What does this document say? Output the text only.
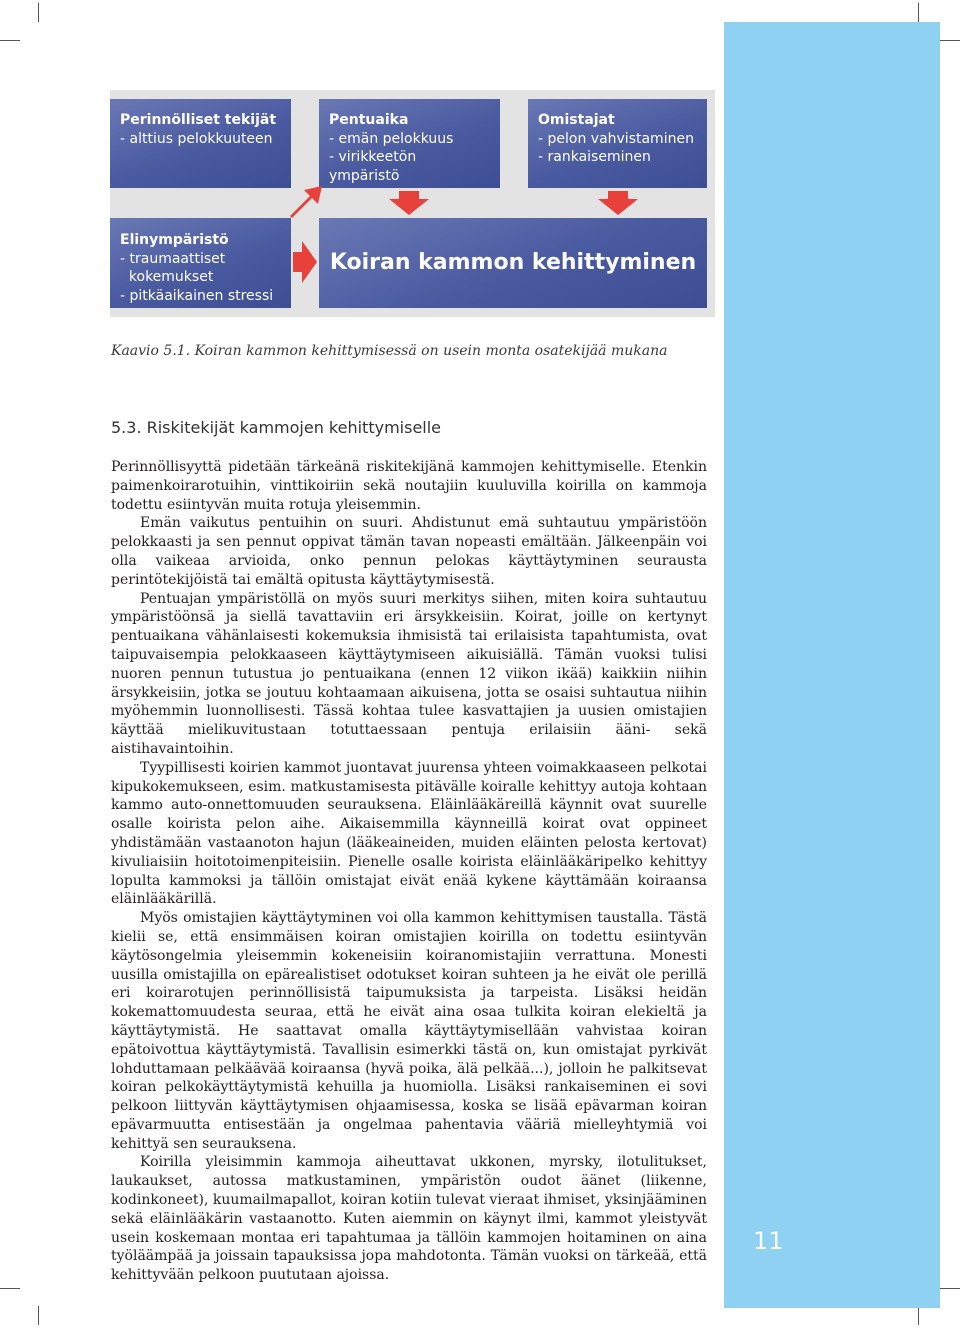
11
Perinnölliset tekijät
- alttius pelokkuuteen
Pentuaika
- emän pelokkuus
- virikkeetön ympäristö
Omistajat
- pelon vahvistaminen
- rankaiseminen
Elinympäristö
- traumaattiset
kokemukset
- pitkäaikainen stressi
Koiran kammon kehittyminen
Kaavio 5.1. Koiran kammon kehittymisessä on usein monta osatekijää mukana
5.3. Riskitekijät kammojen kehittymiselle

Perinnöllisyyttä pidetään tärkeänä riskitekijänä kammojen kehittymiselle. Etenkin paimenkoirarotuihin, vinttikoiriin sekä noutajiin kuuluvilla koirilla on kammoja todettu esiintyvän muita rotuja yleisemmin.

Emän vaikutus pentuihin on suuri. Ahdistunut emä suhtautuu ympäristöön pelokkaasti ja sen pennut oppivat tämän tavan nopeasti emältään. Jälkeenpäin voi olla vaikeaa arvioida, onko pennun pelokas käyttäytyminen seurausta perintötekijöistä tai emältä opitusta käyttäytymisestä.

Pentuajan ympäristöllä on myös suuri merkitys siihen, miten koira suhtautuu ympäristöönsä ja siellä tavattaviin eri ärsykkeisiin. Koirat, joille on kertynyt pentuaikana vähänlaisesti kokemuksia ihmisistä tai erilaisista tapahtumista, ovat taipuvaisempia pelokkaaseen käyttäytymiseen aikuisiällä. Tämän vuoksi tulisi nuoren pennun tutustua jo pentuaikana (ennen 12 viikon ikää) kaikkiin niihin ärsykkeisiin, jotka se joutuu kohtaamaan aikuisena, jotta se osaisi suhtautua niihin myöhemmin luonnollisesti. Tässä kohtaa tulee kasvattajien ja uusien omistajien käyttää mielikuvitustaan totuttaessaan pentuja erilaisiin ääni- sekä aistihavaintoihin.

Tyypillisesti koirien kammot juontavat juurensa yhteen voimakkaaseen pelkotai kipukokemukseen, esim. matkustamisesta pitävälle koiralle kehittyy autoja kohtaan kammo auto-onnettomuuden seurauksena. Eläinlääkäreillä käynnit ovat suurelle osalle koirista pelon aihe. Aikaisemmilla käynneillä koirat ovat oppineet yhdistämään vastaanoton hajun (lääkeaineiden, muiden eläinten pelosta kertovat) kivuliaisiin hoitotoimenpiteisiin. Pienelle osalle koirista eläinlääkäripelko kehittyy lopulta kammoksi ja tällöin omistajat eivät enää kykene käyttämään koiraansa eläinlääkärillä.

Myös omistajien käyttäytyminen voi olla kammon kehittymisen taustalla. Tästä kielii se, että ensimmäisen koiran omistajien koirilla on todettu esiintyvän käytösongelmia yleisemmin kokeneisiin koiranomistajiin verrattuna. Monesti uusilla omistajilla on epärealistiset odotukset koiran suhteen ja he eivät ole perillä eri koirarotujen perinnöllisistä taipumuksista ja tarpeista. Lisäksi heidän kokemattomuudesta seuraa, että he eivät aina osaa tulkita koiran elekieltä ja käyttäytymistä. He saattavat omalla käyttäytymisellään vahvistaa koiran epätoivottua käyttäytymistä. Tavallisin esimerkki tästä on, kun omistajat pyrkivät lohduttamaan pelkäävää koiraansa (hyvä poika, älä pelkää...), jolloin he palkitsevat koiran pelkokäyttäytymistä kehuilla ja huomiolla. Lisäksi rankaiseminen ei sovi pelkoon liittyvän käyttäytymisen ohjaamisessa, koska se lisää epävarman koiran epävarmuutta entisestään ja ongelmaa pahentavia vääriä mielleyhtymiä voi kehittyä sen seurauksena.

Koirilla yleisimmin kammoja aiheuttavat ukkonen, myrsky, ilotulitukset, laukaukset, autossa matkustaminen, ympäristön oudot äänet (liikenne, kodinkoneet), kuumailmapallot, koiran kotiin tulevat vieraat ihmiset, yksinjääminen sekä eläinlääkärin vastaanotto. Kuten aiemmin on käynyt ilmi, kammot yleistyvät usein koskemaan montaa eri tapahtumaa ja tällöin kammojen hoitaminen on aina työläämpää ja joissain tapauksissa jopa mahdotonta. Tämän vuoksi on tärkeää, että kehittyvään pelkoon puututaan ajoissa.
